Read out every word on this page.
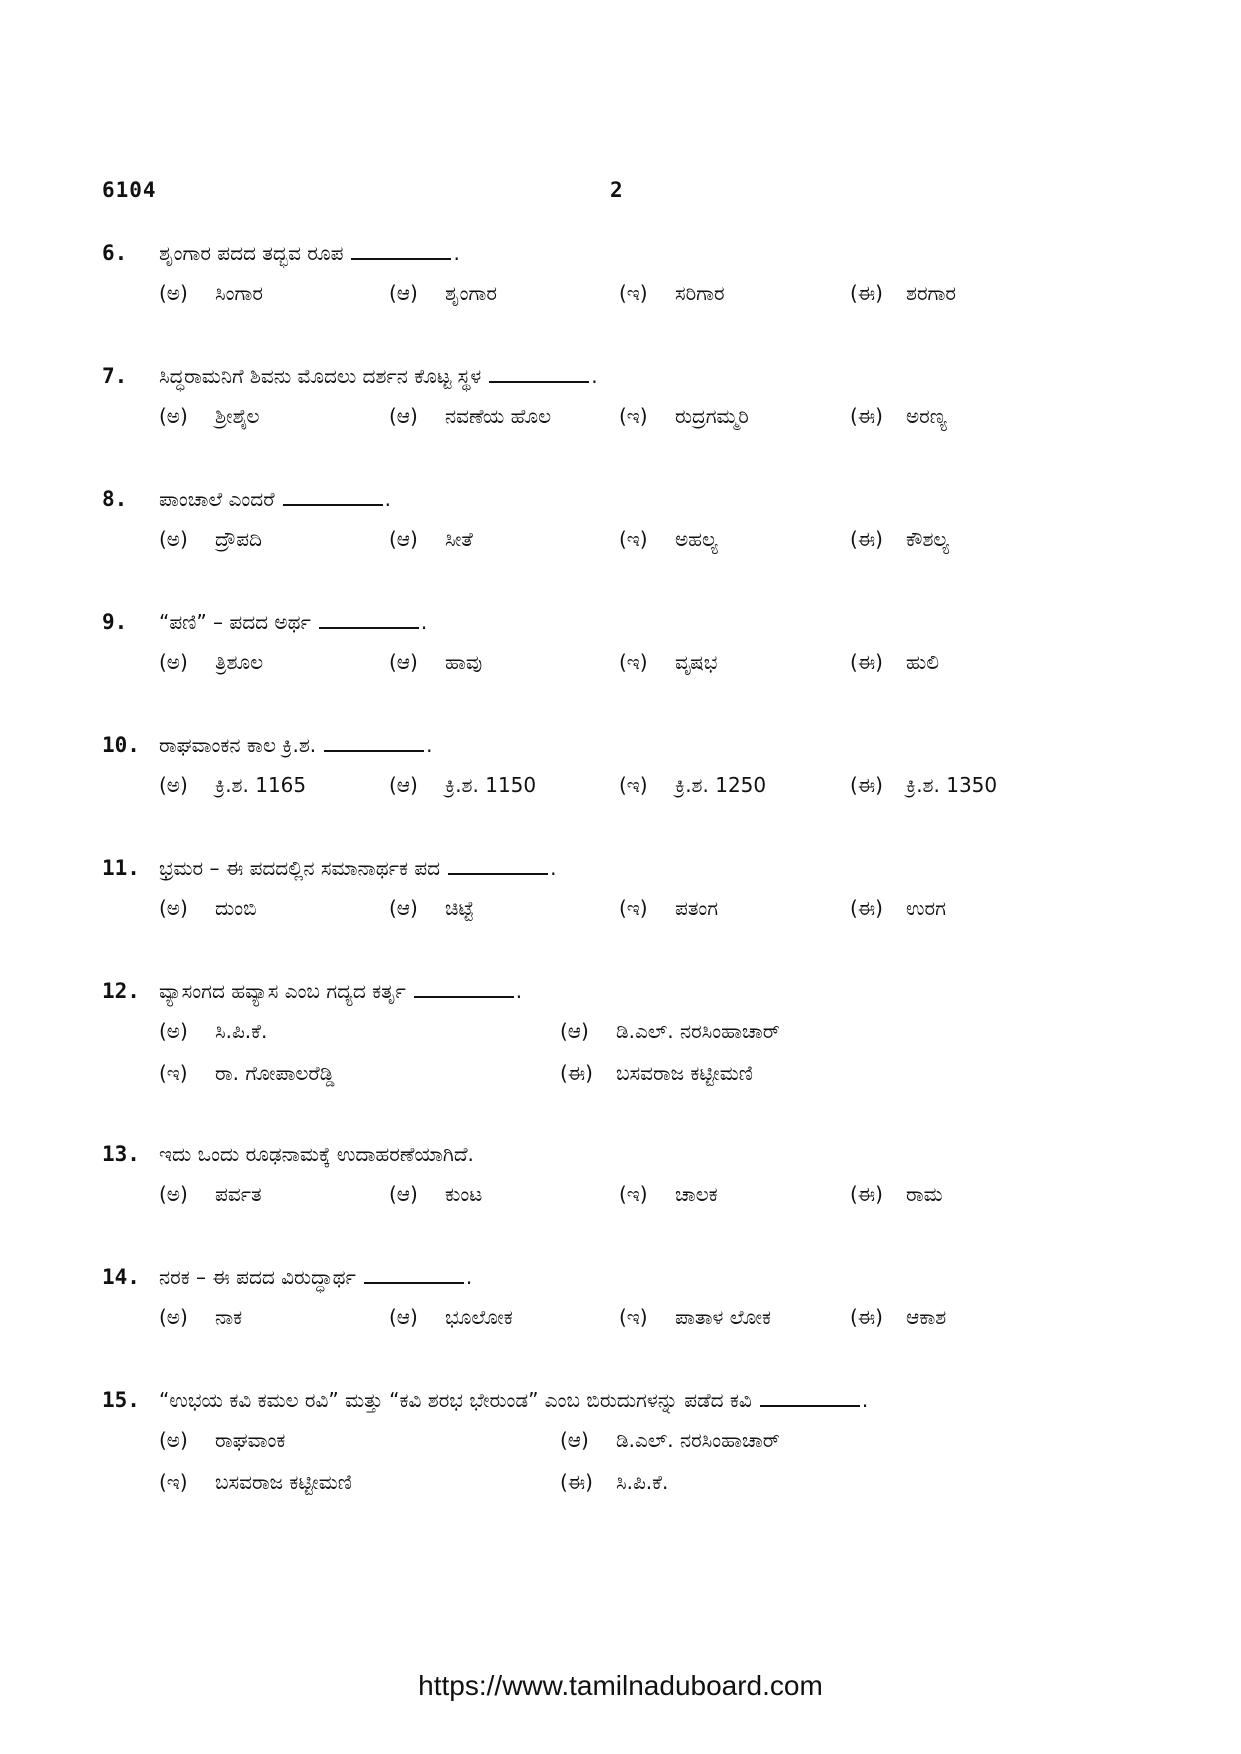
6104	2
6. ಶೃಂಗಾರ ಪದದ ತದ್ಭವ ರೂಪ	.
(ಅ) ಸಿಂಗಾರ	(ಆ) ಶೃಂಗಾರ	(ಇ) ಸರಿಗಾರ	(ಈ) ಶರಗಾರ
7. ಸಿದ್ಧರಾಮನಿಗೆ ಶಿವನು ಮೊದಲು ದರ್ಶನ ಕೊಟ್ಟ ಸ್ಥಳ	.
(ಅ) ಶ್ರೀಶೈಲ	(ಆ) ನವಣೆಯ ಹೊಲ	(ಇ) ರುದ್ರಗಮ್ಮರಿ	(ಈ) ಅರಣ್ಯ
8. ಪಾಂಚಾಲೆ ಎಂದರೆ	.
(ಅ) ದ್ರೌಪದಿ	(ಆ) ಸೀತೆ	(ಇ) ಅಹಲ್ಯ	(ಈ) ಕೌಶಲ್ಯ
9. “ಪಣಿ” – ಪದದ ಅರ್ಥ	.
(ಅ) ತ್ರಿಶೂಲ	(ಆ) ಹಾವು	(ಇ) ವೃಷಭ	(ಈ) ಹುಲಿ
10. ರಾಘವಾಂಕನ ಕಾಲ ಕ್ರಿ.ಶ.	.
(ಅ) ಕ್ರಿ.ಶ. 1165	(ಆ) ಕ್ರಿ.ಶ. 1150	(ಇ) ಕ್ರಿ.ಶ. 1250	(ಈ) ಕ್ರಿ.ಶ. 1350
11. ಭ್ರಮರ – ಈ ಪದದಲ್ಲಿನ ಸಮಾನಾರ್ಥಕ ಪದ	.
(ಅ) ದುಂಬಿ	(ಆ) ಚಿಟ್ಟೆ	(ಇ) ಪತಂಗ	(ಈ) ಉರಗ
12. ವ್ಯಾಸಂಗದ ಹವ್ಯಾಸ ಎಂಬ ಗದ್ಯದ ಕರ್ತೃ	.
(ಅ) ಸಿ.ಪಿ.ಕೆ.	(ಆ) ಡಿ.ಎಲ್. ನರಸಿಂಹಾಚಾರ್
(ಇ) ರಾ. ಗೋಪಾಲರೆಡ್ಡಿ	(ಈ) ಬಸವರಾಜ ಕಟ್ಟೀಮಣಿ
13. ಇದು ಒಂದು ರೂಢನಾಮಕ್ಕೆ ಉದಾಹರಣೆಯಾಗಿದೆ.
(ಅ) ಪರ್ವತ	(ಆ) ಕುಂಟ	(ಇ) ಚಾಲಕ	(ಈ) ರಾಮ
14. ನರಕ – ಈ ಪದದ ವಿರುದ್ಧಾರ್ಥ	.
(ಅ) ನಾಕ	(ಆ) ಭೂಲೋಕ	(ಇ) ಪಾತಾಳ ಲೋಕ	(ಈ) ಆಕಾಶ
15. “ಉಭಯ ಕವಿ ಕಮಲ ರವಿ” ಮತ್ತು “ಕವಿ ಶರಭ ಭೇರುಂಡ” ಎಂಬ ಬಿರುದುಗಳನ್ನು ಪಡೆದ ಕವಿ	.
(ಅ) ರಾಘವಾಂಕ	(ಆ) ಡಿ.ಎಲ್. ನರಸಿಂಹಾಚಾರ್
(ಇ) ಬಸವರಾಜ ಕಟ್ಟೀಮಣಿ	(ಈ) ಸಿ.ಪಿ.ಕೆ.
https://www.tamilnaduboard.com
